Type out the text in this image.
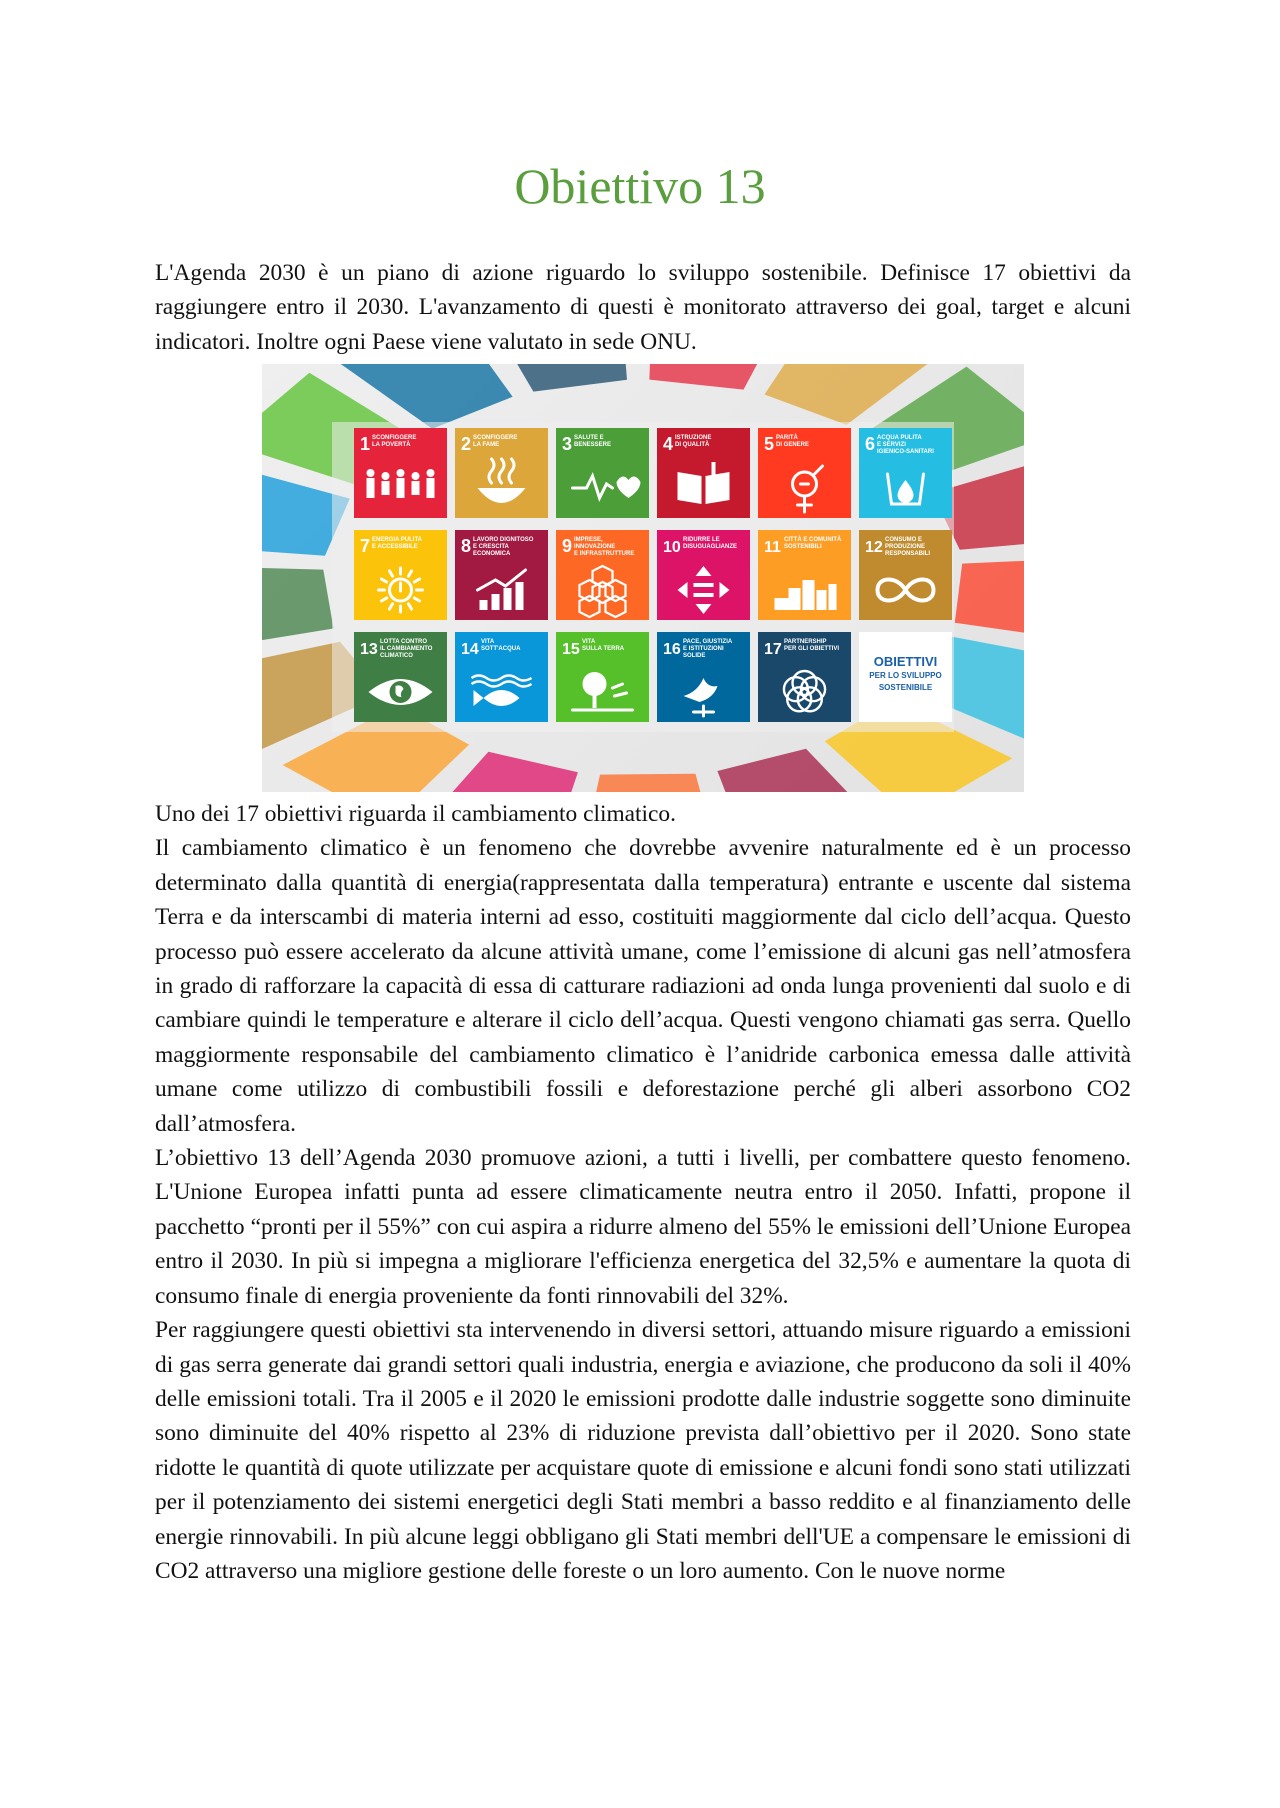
Obiettivo 13

L'Agenda 2030 è un piano di azione riguardo lo sviluppo sostenibile. Definisce 17 obiettivi da raggiungere entro il 2030. L'avanzamento di questi è monitorato attraverso dei goal, target e alcuni indicatori. Inoltre ogni Paese viene valutato in sede ONU.

1 SCONFIGGERE
LA POVERTÀ	2 SCONFIGGERE
LA FAME	3 SALUTE E
BENESSERE	4 ISTRUZIONE
DI QUALITÀ	5 PARITÀ
DI GENERE	6 ACQUA PULITA
E SERVIZI
IGIENICO-SANITARI
7 ENERGIA PULITA
E ACCESSIBILE 8 LAVORO DIGNITOSO
E CRESCITA
ECONOMICA	9 IMPRESE,
INNOVAZIONE
E INFRASTRUTTURE 10 RIDURRE LE
DISUGUAGLIANZE 11 CITTÀ E COMUNITÀ
SOSTENIBILI	12 CONSUMO E
PRODUZIONE
RESPONSABILI
13 LOTTA CONTRO
IL CAMBIAMENTO
CLIMATICO	14 VITA
SOTT'ACQUA	15 VITA
SULLA TERRA 16 PACE, GIUSTIZIA
E ISTITUZIONI
SOLIDE	17 PARTNERSHIP
PER GLI OBIETTIVI
OBIETTIVI
PER LO SVILUPPO
SOSTENIBILE

Uno dei 17 obiettivi riguarda il cambiamento climatico.

Il cambiamento climatico è un fenomeno che dovrebbe avvenire naturalmente ed è un processo determinato dalla quantità di energia(rappresentata dalla temperatura) entrante e uscente dal sistema Terra e da interscambi di materia interni ad esso, costituiti maggiormente dal ciclo dell’acqua. Questo processo può essere accelerato da alcune attività umane, come l’emissione di alcuni gas nell’atmosfera in grado di rafforzare la capacità di essa di catturare radiazioni ad onda lunga provenienti dal suolo e di cambiare quindi le temperature e alterare il ciclo dell’acqua. Questi vengono chiamati gas serra. Quello maggiormente responsabile del cambiamento climatico è l’anidride carbonica emessa dalle attività umane come utilizzo di combustibili fossili e deforestazione perché gli alberi assorbono CO2 dall’atmosfera.

L’obiettivo 13 dell’Agenda 2030 promuove azioni, a tutti i livelli, per combattere questo fenomeno. L'Unione Europea infatti punta ad essere climaticamente neutra entro il 2050. Infatti, propone il pacchetto “pronti per il 55%” con cui aspira a ridurre almeno del 55% le emissioni dell’Unione Europea entro il 2030. In più si impegna a migliorare l'efficienza energetica del 32,5% e aumentare la quota di consumo finale di energia proveniente da fonti rinnovabili del 32%.

Per raggiungere questi obiettivi sta intervenendo in diversi settori, attuando misure riguardo a emissioni di gas serra generate dai grandi settori quali industria, energia e aviazione, che producono da soli il 40% delle emissioni totali. Tra il 2005 e il 2020 le emissioni prodotte dalle industrie soggette sono diminuite sono diminuite del 40% rispetto al 23% di riduzione prevista dall’obiettivo per il 2020. Sono state ridotte le quantità di quote utilizzate per acquistare quote di emissione e alcuni fondi sono stati utilizzati per il potenziamento dei sistemi energetici degli Stati membri a basso reddito e al finanziamento delle energie rinnovabili. In più alcune leggi obbligano gli Stati membri dell'UE a compensare le emissioni di CO2 attraverso una migliore gestione delle foreste o un loro aumento. Con le nuove norme
